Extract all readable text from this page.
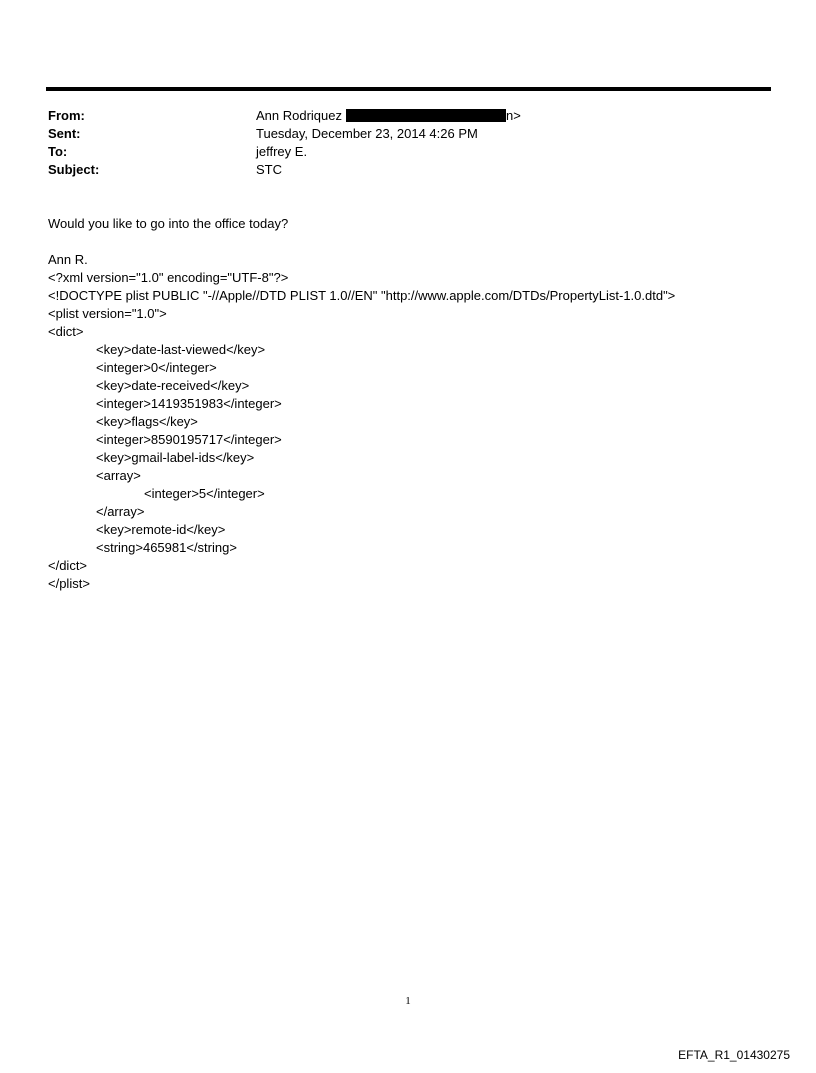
From:	Ann Rodriquez	n>
Sent:	Tuesday, December 23, 2014 4:26 PM
To:	jeffrey E.
Subject:	STC
Would you like to go into the office today?
Ann R.
<?xml version="1.0" encoding="UTF-8"?>
<!DOCTYPE plist PUBLIC "-//Apple//DTD PLIST 1.0//EN" "http://www.apple.com/DTDs/PropertyList-1.0.dtd">
<plist version="1.0">
<dict>
<key>date-last-viewed</key>
<integer>0</integer>
<key>date-received</key>
<integer>1419351983</integer>
<key>flags</key>
<integer>8590195717</integer>
<key>gmail-label-ids</key>
<array>
<integer>5</integer>
</array>
<key>remote-id</key>
<string>465981</string>
</dict>
</plist>
1
EFTA_R1_01430275
